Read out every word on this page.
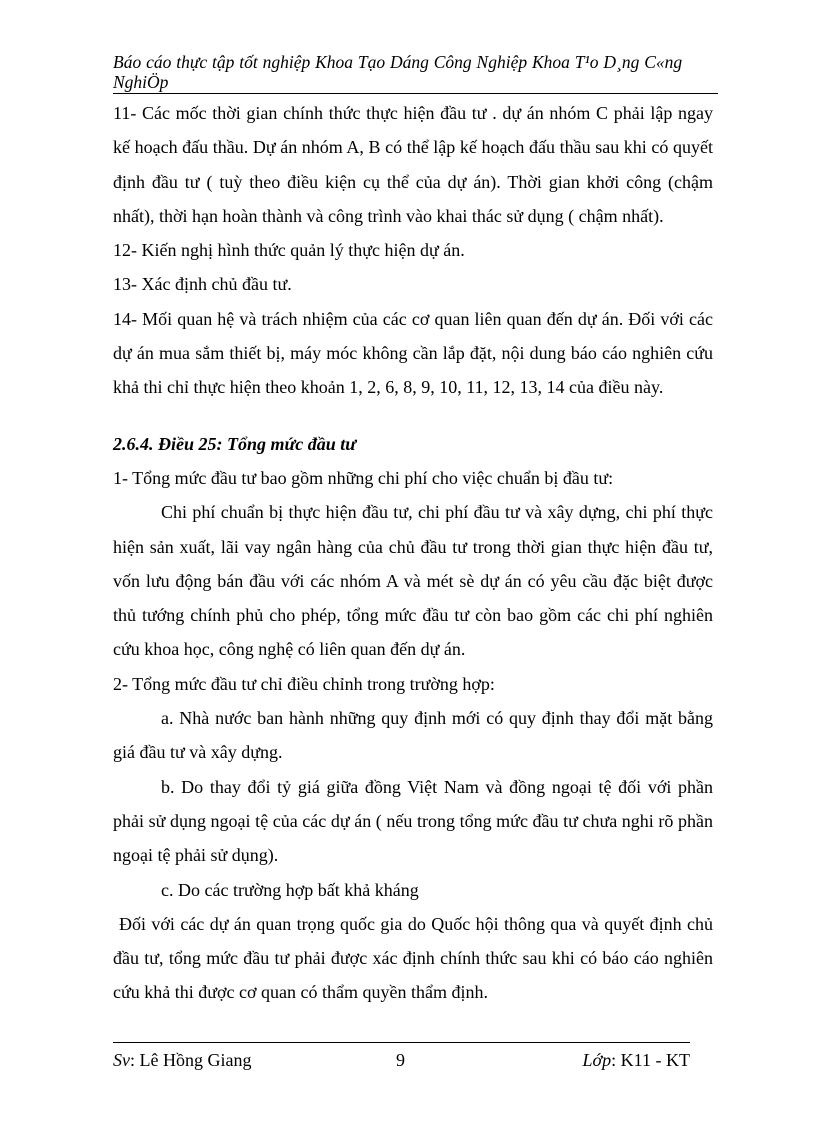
Báo cáo thực tập tốt nghiệp Khoa Tạo Dáng Công Nghiệp Khoa T¹o D¸ng C«ng
NghiÖp

11- Các mốc thời gian chính thức thực hiện đầu tư . dự án nhóm C phải lập ngay kế hoạch đấu thầu. Dự án nhóm A, B có thể lập kế hoạch đấu thầu sau khi có quyết định đầu tư ( tuỳ theo điều kiện cụ thể của dự án). Thời gian khởi công (chậm nhất), thời hạn hoàn thành và công trình vào khai thác sử dụng ( chậm nhất).

12- Kiến nghị hình thức quản lý thực hiện dự án.

13- Xác định chủ đầu tư.

14- Mối quan hệ và trách nhiệm của các cơ quan liên quan đến dự án. Đối với các dự án mua sắm thiết bị, máy móc không cần lắp đặt, nội dung báo cáo nghiên cứu khả thi chỉ thực hiện theo khoản 1, 2, 6, 8, 9, 10, 11, 12, 13, 14 của điều này.

2.6.4. Điều 25: Tổng mức đầu tư

1- Tổng mức đầu tư bao gồm những chi phí cho việc chuẩn bị đầu tư:

Chi phí chuẩn bị thực hiện đầu tư, chi phí đầu tư và xây dựng, chi phí thực hiện sản xuất, lãi vay ngân hàng của chủ đầu tư trong thời gian thực hiện đầu tư, vốn lưu động bán đầu với các nhóm A và mét sè dự án có yêu cầu đặc biệt được thủ tướng chính phủ cho phép, tổng mức đầu tư còn bao gồm các chi phí nghiên cứu khoa học, công nghệ có liên quan đến dự án.

2- Tổng mức đầu tư chỉ điều chỉnh trong trường hợp:

a. Nhà nước ban hành những quy định mới có quy định thay đổi mặt bằng giá đầu tư và xây dựng.

b. Do thay đổi tỷ giá giữa đồng Việt Nam và đồng ngoại tệ đối với phần phải sử dụng ngoại tệ của các dự án ( nếu trong tổng mức đầu tư chưa nghi rõ phần ngoại tệ phải sử dụng).

c. Do các trường hợp bất khả kháng

Đối với các dự án quan trọng quốc gia do Quốc hội thông qua và quyết định chủ đầu tư, tổng mức đầu tư phải được xác định chính thức sau khi có báo cáo nghiên cứu khả thi được cơ quan có thẩm quyền thẩm định.

Sv: Lê Hồng Giang	9	Lớp: K11 - KT
